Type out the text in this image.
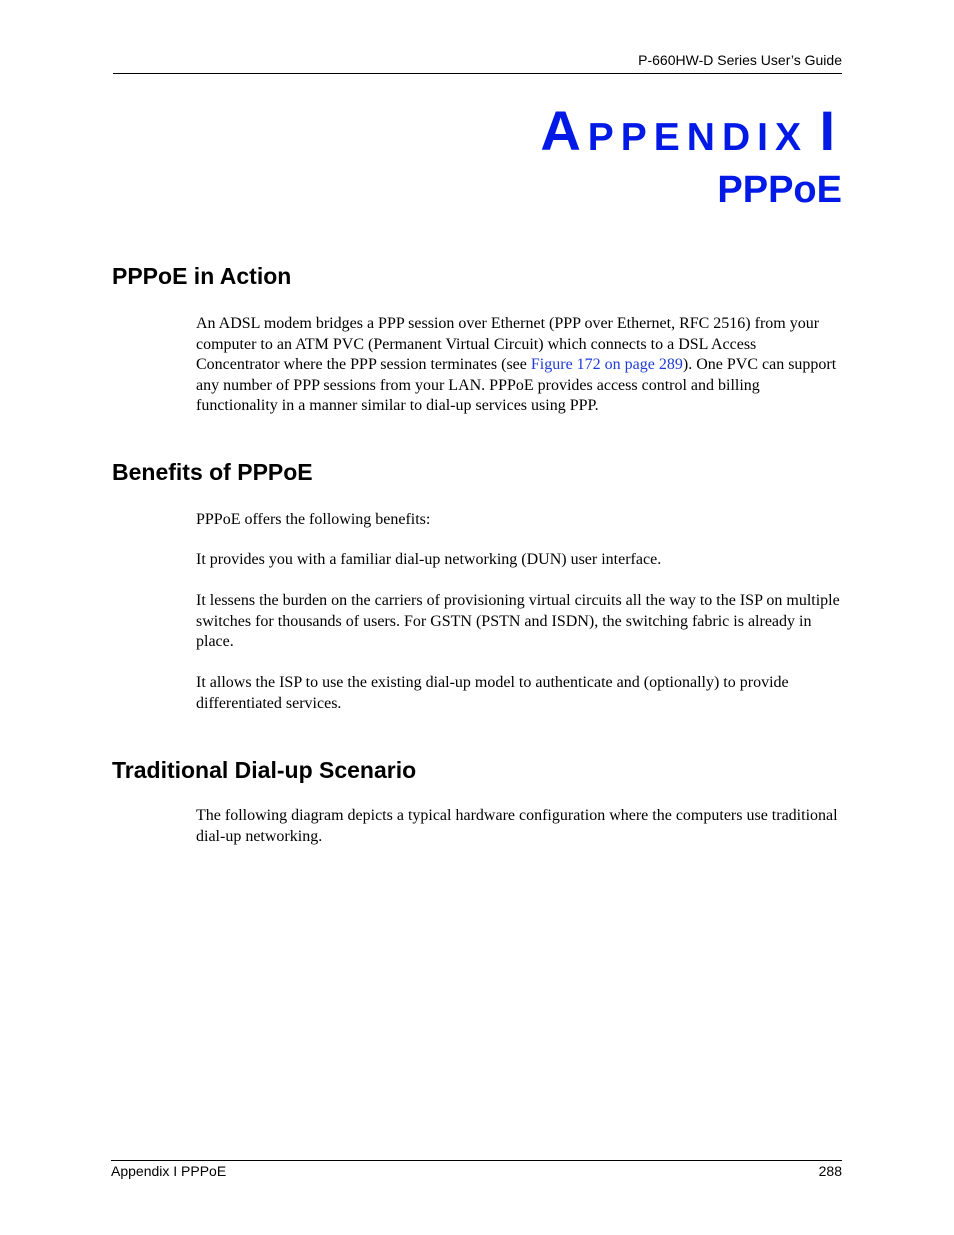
P-660HW-D Series User’s Guide
APPENDIX I
PPPoE
PPPoE in Action

An ADSL modem bridges a PPP session over Ethernet (PPP over Ethernet, RFC 2516) from your computer to an ATM PVC (Permanent Virtual Circuit) which connects to a DSL Access Concentrator where the PPP session terminates (see Figure 172 on page 289). One PVC can support any number of PPP sessions from your LAN. PPPoE provides access control and billing functionality in a manner similar to dial-up services using PPP.

Benefits of PPPoE

PPPoE offers the following benefits:

It provides you with a familiar dial-up networking (DUN) user interface.

It lessens the burden on the carriers of provisioning virtual circuits all the way to the ISP on multiple switches for thousands of users. For GSTN (PSTN and ISDN), the switching fabric is already in place.

It allows the ISP to use the existing dial-up model to authenticate and (optionally) to provide differentiated services.

Traditional Dial-up Scenario

The following diagram depicts a typical hardware configuration where the computers use traditional dial-up networking.

Appendix I PPPoE	288
